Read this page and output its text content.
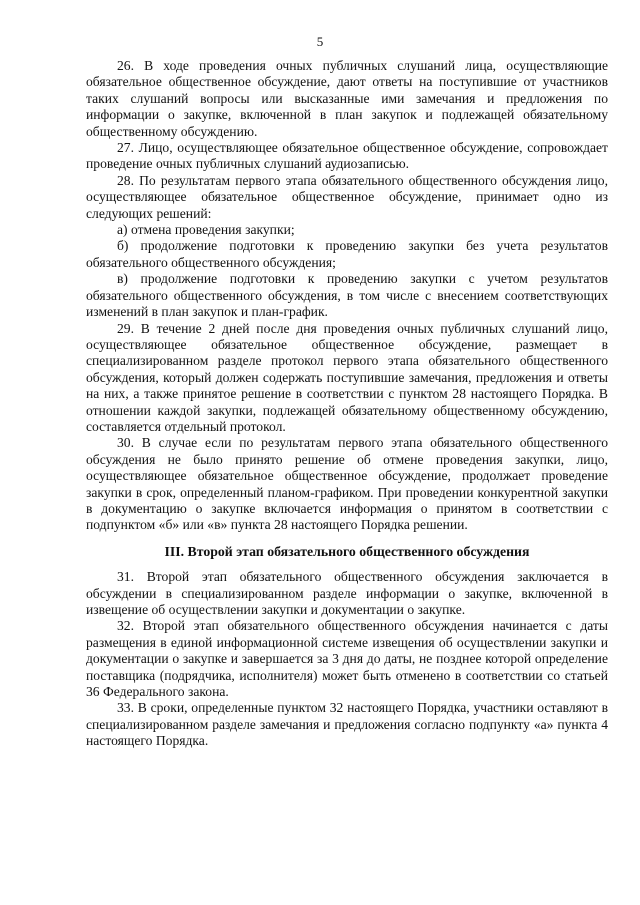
5

26. В ходе проведения очных публичных слушаний лица, осуществляющие обязательное общественное обсуждение, дают ответы на поступившие от участников таких слушаний вопросы или высказанные ими замечания и предложения по информации о закупке, включенной в план закупок и подлежащей обязательному общественному обсуждению.

27. Лицо, осуществляющее обязательное общественное обсуждение, сопровождает проведение очных публичных слушаний аудиозаписью.

28. По результатам первого этапа обязательного общественного обсуждения лицо, осуществляющее обязательное общественное обсуждение, принимает одно из следующих решений:

а) отмена проведения закупки;

б) продолжение подготовки к проведению закупки без учета результатов обязательного общественного обсуждения;

в) продолжение подготовки к проведению закупки с учетом результатов обязательного общественного обсуждения, в том числе с внесением соответствующих изменений в план закупок и план-график.

29. В течение 2 дней после дня проведения очных публичных слушаний лицо, осуществляющее обязательное общественное обсуждение, размещает в специализированном разделе протокол первого этапа обязательного общественного обсуждения, который должен содержать поступившие замечания, предложения и ответы на них, а также принятое решение в соответствии с пунктом 28 настоящего Порядка. В отношении каждой закупки, подлежащей обязательному общественному обсуждению, составляется отдельный протокол.

30. В случае если по результатам первого этапа обязательного общественного обсуждения не было принято решение об отмене проведения закупки, лицо, осуществляющее обязательное общественное обсуждение, продолжает проведение закупки в срок, определенный планом-графиком. При проведении конкурентной закупки в документацию о закупке включается информация о принятом в соответствии с подпунктом «б» или «в» пункта 28 настоящего Порядка решении.

III. Второй этап обязательного общественного обсуждения

31. Второй этап обязательного общественного обсуждения заключается в обсуждении в специализированном разделе информации о закупке, включенной в извещение об осуществлении закупки и документации о закупке.

32. Второй этап обязательного общественного обсуждения начинается с даты размещения в единой информационной системе извещения об осуществлении закупки и документации о закупке и завершается за 3 дня до даты, не позднее которой определение поставщика (подрядчика, исполнителя) может быть отменено в соответствии со статьей 36 Федерального закона.

33. В сроки, определенные пунктом 32 настоящего Порядка, участники оставляют в специализированном разделе замечания и предложения согласно подпункту «а» пункта 4 настоящего Порядка.
